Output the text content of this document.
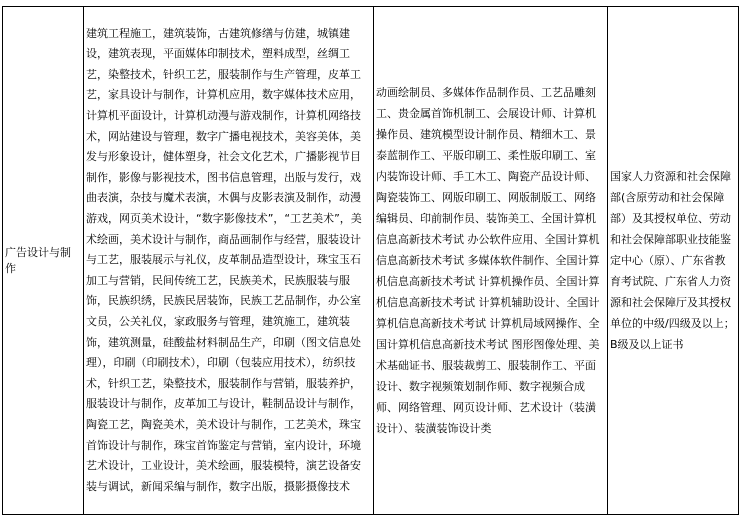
广告设计与制作	建筑工程施工，建筑装饰，古建筑修缮与仿建，城镇建设，建筑表现，平面媒体印制技术，塑料成型，丝绸工艺，染整技术，针织工艺，服装制作与生产管理，皮革工艺，家具设计与制作，计算机应用，数字媒体技术应用，计算机平面设计，计算机动漫与游戏制作，计算机网络技术，网站建设与管理，数字广播电视技术，美容美体，美发与形象设计，健体塑身，社会文化艺术，广播影视节目制作，影像与影视技术，图书信息管理，出版与发行，戏曲表演，杂技与魔术表演，木偶与皮影表演及制作，动漫游戏，网页美术设计，“数字影像技术”，“工艺美术”，美术绘画，美术设计与制作，商品画制作与经营，服装设计与工艺，服装展示与礼仪，皮革制品造型设计，珠宝玉石加工与营销，民间传统工艺，民族美术，民族服装与服饰，民族织绣，民族民居装饰，民族工艺品制作，办公室文员，公关礼仪，家政服务与管理，建筑施工，建筑装饰，建筑测量，硅酸盐材料制品生产，印刷（图文信息处理），印刷（印刷技术），印刷（包装应用技术），纺织技术，针织工艺，染整技术，服装制作与营销，服装养护，服装设计与制作，皮革加工与设计，鞋制品设计与制作，陶瓷工艺，陶瓷美术，美术设计与制作，工艺美术，珠宝首饰设计与制作，珠宝首饰鉴定与营销，室内设计，环境艺术设计，工业设计，美术绘画，服装模特，演艺设备安装与调试，新闻采编与制作，数字出版，摄影摄像技术	动画绘制员、多媒体作品制作员、工艺品雕刻工、贵金属首饰机制工、会展设计师、计算机操作员、建筑模型设计制作员、精细木工、景泰蓝制作工、平版印刷工、柔性版印刷工、室内装饰设计师、手工木工、陶瓷产品设计师、陶瓷装饰工、网版印刷工、网版制版工、网络编辑员、印前制作员、装饰美工、全国计算机信息高新技术考试 办公软件应用、全国计算机信息高新技术考试 多媒体软件制作、全国计算机信息高新技术考试 计算机操作员、全国计算机信息高新技术考试 计算机辅助设计、全国计算机信息高新技术考试 计算机局域网操作、全国计算机信息高新技术考试 图形图像处理、美术基础证书、服装裁剪工、服装制作工、平面设计、数字视频策划制作师、数字视频合成师、网络管理、网页设计师、艺术设计（装潢设计）、装潢装饰设计类	国家人力资源和社会保障部(含原劳动和社会保障部）及其授权单位、劳动和社会保障部职业技能鉴定中心（原）、广东省教育考试院、广东省人力资源和社会保障厅及其授权单位的中级/四级及以上；B级及以上证书
